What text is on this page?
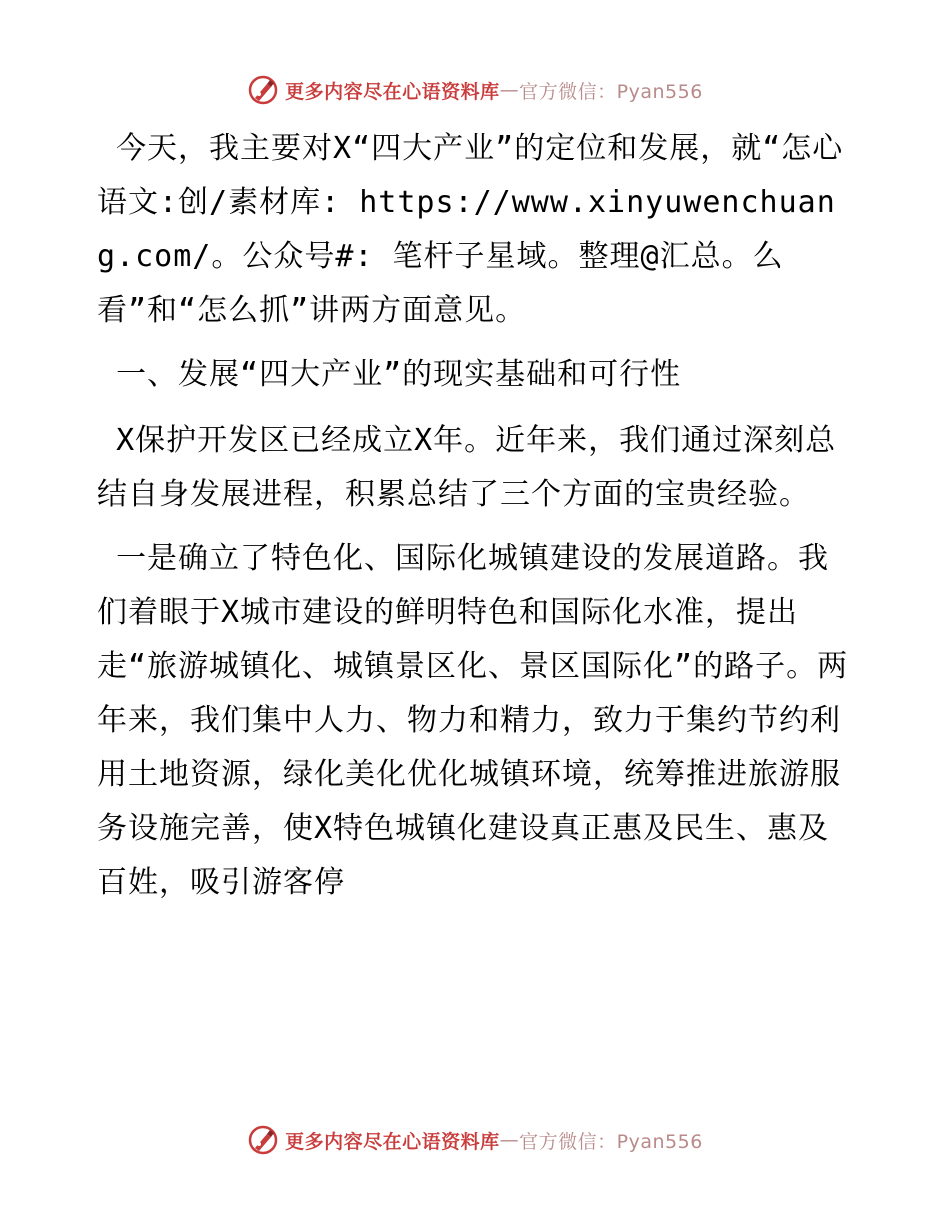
更多内容尽在心语资料库 — 官方微信：Pyan556

今天，我主要对X“四大产业”的定位和发展，就“怎心语文:创/素材库: https://www.xinyuwenchuang.com/。公众号#: 笔杆子星域。整理@汇总。么看”和“怎么抓”讲两方面意见。

一、发展“四大产业”的现实基础和可行性

X保护开发区已经成立X年。近年来，我们通过深刻总结自身发展进程，积累总结了三个方面的宝贵经验。

一是确立了特色化、国际化城镇建设的发展道路。我们着眼于X城市建设的鲜明特色和国际化水准，提出走“旅游城镇化、城镇景区化、景区国际化”的路子。两年来，我们集中人力、物力和精力，致力于集约节约利用土地资源，绿化美化优化城镇环境，统筹推进旅游服务设施完善，使X特色城镇化建设真正惠及民生、惠及百姓，吸引游客停

更多内容尽在心语资料库 — 官方微信：Pyan556
